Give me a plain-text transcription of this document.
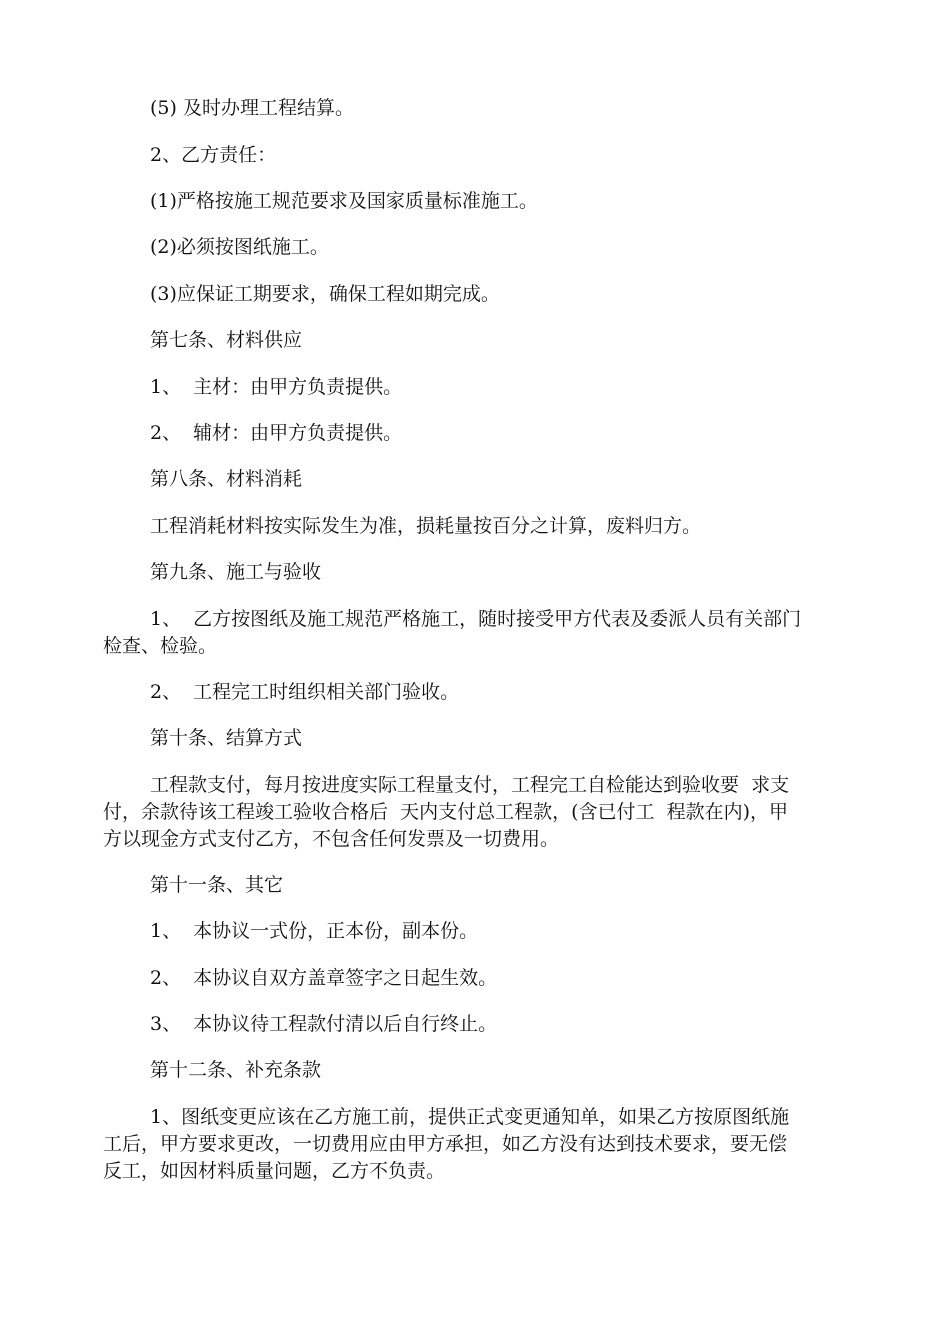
(5) 及时办理工程结算。

2、乙方责任：

(1)严格按施工规范要求及国家质量标准施工。

(2)必须按图纸施工。

(3)应保证工期要求，确保工程如期完成。

第七条、材料供应

1、  主材：由甲方负责提供。

2、  辅材：由甲方负责提供。

第八条、材料消耗

工程消耗材料按实际发生为准，损耗量按百分之计算，废料归方。

第九条、施工与验收

1、  乙方按图纸及施工规范严格施工，随时接受甲方代表及委派人员有关部门

检查、检验。

2、  工程完工时组织相关部门验收。

第十条、结算方式

工程款支付，每月按进度实际工程量支付，工程完工自检能达到验收要  求支

付，余款待该工程竣工验收合格后  天内支付总工程款，(含已付工  程款在内)，甲

方以现金方式支付乙方，不包含任何发票及一切费用。

第十一条、其它

1、  本协议一式份，正本份，副本份。

2、  本协议自双方盖章签字之日起生效。

3、  本协议待工程款付清以后自行终止。

第十二条、补充条款

1、图纸变更应该在乙方施工前，提供正式变更通知单，如果乙方按原图纸施

工后，甲方要求更改，一切费用应由甲方承担，如乙方没有达到技术要求，要无偿

反工，如因材料质量问题，乙方不负责。
